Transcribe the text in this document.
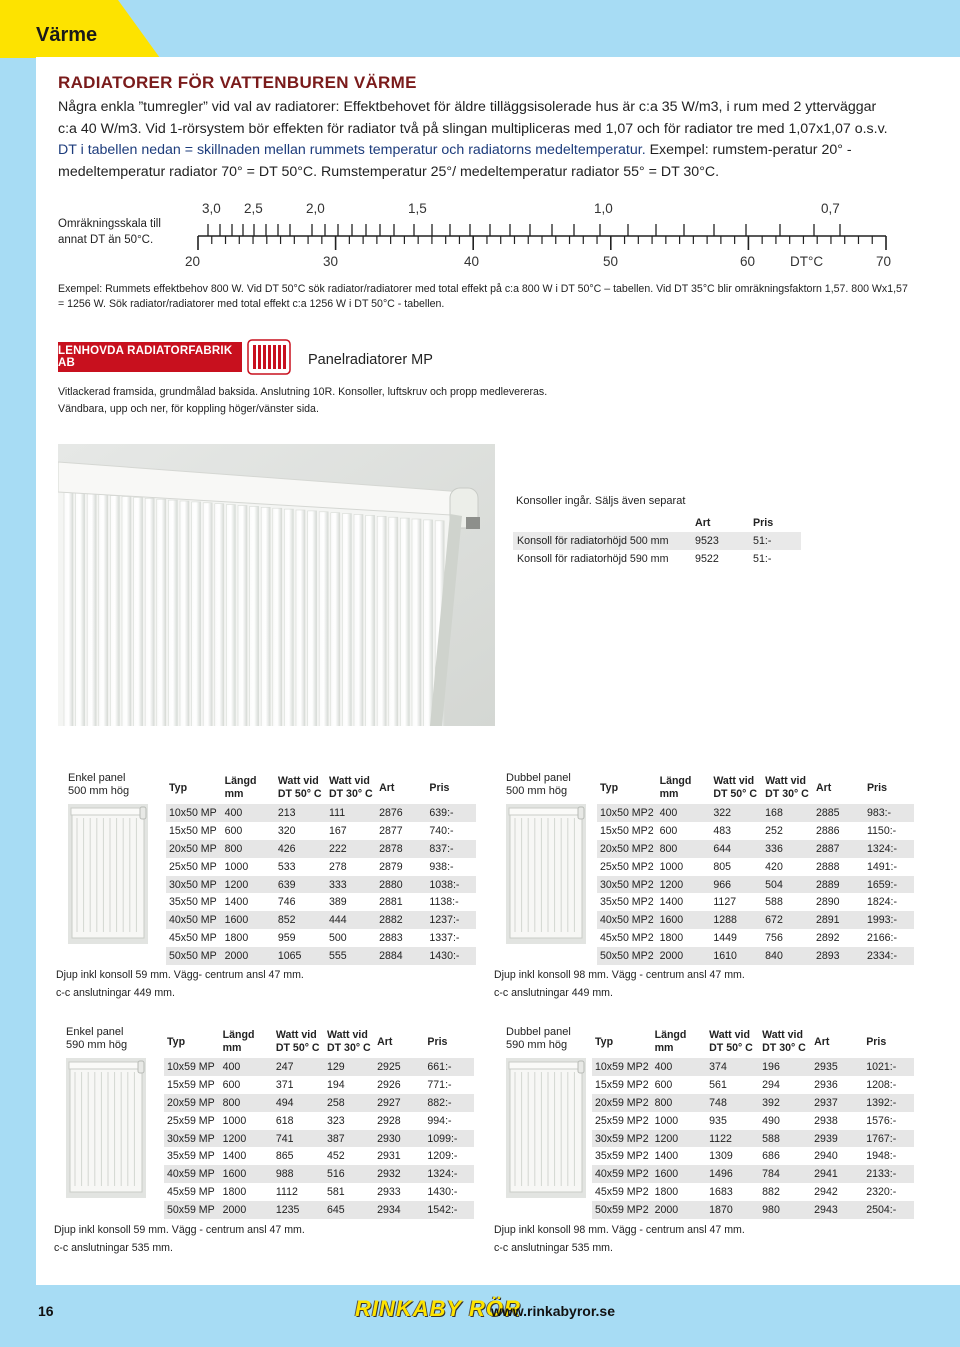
Värme
RADIATORER FÖR VATTENBUREN VÄRME

Några enkla ”tumregler” vid val av radiatorer: Effektbehovet för äldre tilläggsisolerade hus är c:a 35 W/m3, i rum med 2 ytterväggar c:a 40 W/m3. Vid 1-rörsystem bör effekten för radiator två på slingan multipliceras med 1,07 och för radiator tre med 1,07x1,07 o.s.v. DT i tabellen nedan = skillnaden mellan rummets temperatur och radiatorns medeltemperatur. Exempel: rumstem-peratur 20° - medeltemperatur radiator 70° = DT 50°C. Rumstemperatur 25°/ medeltemperatur radiator 55° = DT 30°C.

Omräkningsskala till
annat DT än 50°C.
3,0 2,5	2,0	1,5	1,0	0,7
20	30	40	50	60	DT°C	70
Exempel: Rummets effektbehov 800 W. Vid DT 50°C sök radiator/radiatorer med total effekt på c:a 800 W i DT 50°C – tabellen. Vid DT 35°C blir omräkningsfaktorn 1,57. 800 Wx1,57 = 1256 W. Sök radiator/radiatorer med total effekt c:a 1256 W i DT 50°C - tabellen.
LENHOVDA RADIATORFABRIK AB	Panelradiatorer MP
Vitlackerad framsida, grundmålad baksida. Anslutning 10R. Konsoller, luftskruv och propp medlevereras.
Vändbara, upp och ner, för koppling höger/vänster sida.
Konsoller ingår. Säljs även separat
	Art	Pris
Konsoll för radiatorhöjd 500 mm	9523	51:-
Konsoll för radiatorhöjd 590 mm	9522	51:-
Enkel panel
500 mm hög	Typ	Längd mm	Watt vid DT 50° C	Watt vid DT 30° C	Art	Pris
10x50 MP	400	213	111	2876	639:-
15x50 MP	600	320	167	2877	740:-
20x50 MP	800	426	222	2878	837:-
25x50 MP	1000	533	278	2879	938:-
30x50 MP	1200	639	333	2880	1038:-
35x50 MP	1400	746	389	2881	1138:-
40x50 MP	1600	852	444	2882	1237:-
45x50 MP	1800	959	500	2883	1337:-
50x50 MP	2000	1065	555	2884	1430:-
Djup inkl konsoll 59 mm. Vägg- centrum ansl 47 mm.
c-c anslutningar 449 mm.
Dubbel panel
500 mm hög	Typ	Längd mm	Watt vid DT 50° C	Watt vid DT 30° C	Art	Pris
10x50 MP2	400	322	168	2885	983:-
15x50 MP2	600	483	252	2886	1150:-
20x50 MP2	800	644	336	2887	1324:-
25x50 MP2	1000	805	420	2888	1491:-
30x50 MP2	1200	966	504	2889	1659:-
35x50 MP2	1400	1127	588	2890	1824:-
40x50 MP2	1600	1288	672	2891	1993:-
45x50 MP2	1800	1449	756	2892	2166:-
50x50 MP2	2000	1610	840	2893	2334:-
Djup inkl konsoll 98 mm. Vägg - centrum ansl 47 mm.
c-c anslutningar 449 mm.
Enkel panel
590 mm hög	Typ	Längd mm	Watt vid DT 50° C	Watt vid DT 30° C	Art	Pris
10x59 MP	400	247	129	2925	661:-
15x59 MP	600	371	194	2926	771:-
20x59 MP	800	494	258	2927	882:-
25x59 MP	1000	618	323	2928	994:-
30x59 MP	1200	741	387	2930	1099:-
35x59 MP	1400	865	452	2931	1209:-
40x59 MP	1600	988	516	2932	1324:-
45x59 MP	1800	1112	581	2933	1430:-
50x59 MP	2000	1235	645	2934	1542:-
Djup inkl konsoll 59 mm. Vägg - centrum ansl 47 mm.
c-c anslutningar 535 mm.
Dubbel panel
590 mm hög	Typ	Längd mm	Watt vid DT 50° C	Watt vid DT 30° C	Art	Pris
10x59 MP2	400	374	196	2935	1021:-
15x59 MP2	600	561	294	2936	1208:-
20x59 MP2	800	748	392	2937	1392:-
25x59 MP2	1000	935	490	2938	1576:-
30x59 MP2	1200	1122	588	2939	1767:-
35x59 MP2	1400	1309	686	2940	1948:-
40x59 MP2	1600	1496	784	2941	2133:-
45x59 MP2	1800	1683	882	2942	2320:-
50x59 MP2	2000	1870	980	2943	2504:-
Djup inkl konsoll 98 mm. Vägg - centrum ansl 47 mm.
c-c anslutningar 535 mm.
16	RINKABY RÖR
www.rinkabyror.se
